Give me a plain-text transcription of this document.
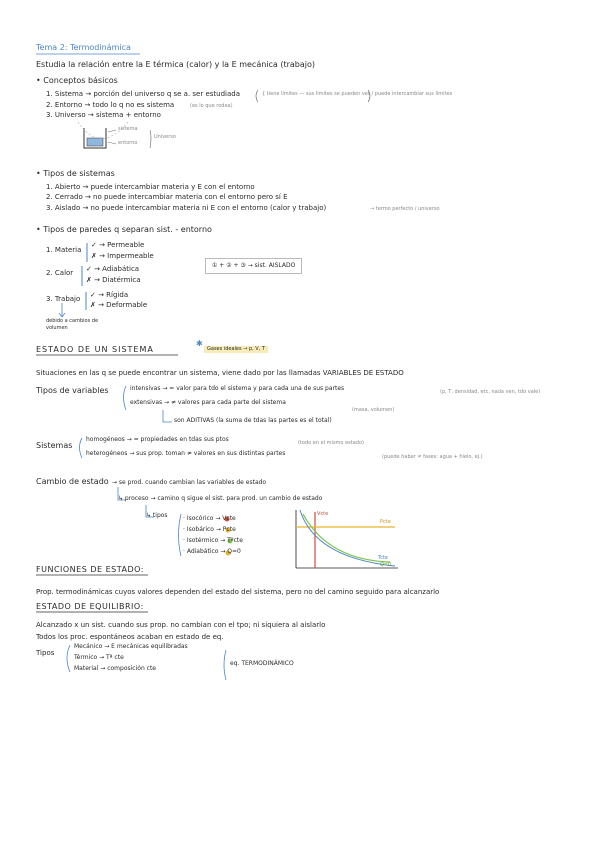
✱
Tema 2: Termodinámica
Estudia la relación entre la E térmica (calor) y la E mecánica (trabajo)
• Conceptos básicos
1. Sistema → porción del universo q se a. ser estudiada	{ tiene límites — sus límites se pueden ver / puede intercambiar sus límites
2. Entorno → todo lo q no es sistema	(es lo que rodea)
3. Universo → sistema + entorno
sistema
entorno
Universo
• Tipos de sistemas
1. Abierto → puede intercambiar materia y E con el entorno
2. Cerrado → no puede intercambiar materia con el entorno pero sí E
3. Aislado → no puede intercambiar materia ni E con el entorno (calor y trabajo)	→ termo perfecto / universo
• Tipos de paredes q separan sist. - entorno
1. Materia
✓ → Permeable
✗ → Impermeable
2. Calor ✓ → Adiabática
✗ → Diatérmica
3. Trabajo ✓ → Rígida
✗ → Deformable
debido a cambios de volumen
① + ② + ③ → sist. AISLADO
ESTADO DE UN SISTEMA	Gases ideales → p, V, T
Situaciones en las q se puede encontrar un sistema, viene dado por las llamadas VARIABLES DE ESTADO
Tipos de variables	intensivas → = valor para tdo el sistema y para cada una de sus partes	(p, T, densidad, etc, nada ven, tdo vale)
extensivas → ≠ valores para cada parte del sistema
(masa, volumen)
son ADITIVAS (la suma de tdas las partes es el total)
Sistemas
homogéneos → = propiedades en tdas sus ptos	(todo en el mismo estado)
heterogéneos → sus prop. toman ≠ valores en sus distintas partes	(puede haber ≠ fases: agua + hielo, ej.)
Cambio de estado → se prod. cuando cambian las variables de estado
↳ proceso → camino q sigue el sist. para prod. un cambio de estado
↳ tipos	· Isocórico → Vcte
· Isobárico → Pcte
· Isotérmico → Tªcte
· Adiabático → Q=0
Vcte
Pcte
Tcte
Q=0
FUNCIONES DE ESTADO:
Prop. termodinámicas cuyos valores dependen del estado del sistema, pero no del camino seguido para alcanzarlo
ESTADO DE EQUILIBRIO:
Alcanzado x un sist. cuando sus prop. no cambian con el tpo; ni siquiera al aislarlo
Todos los proc. espontáneos acaban en estado de eq.
Tipos
Mecánico → E mecánicas equilibradas
Térmico → Tª cte
Material → composición cte
eq. TERMODINÁMICO
